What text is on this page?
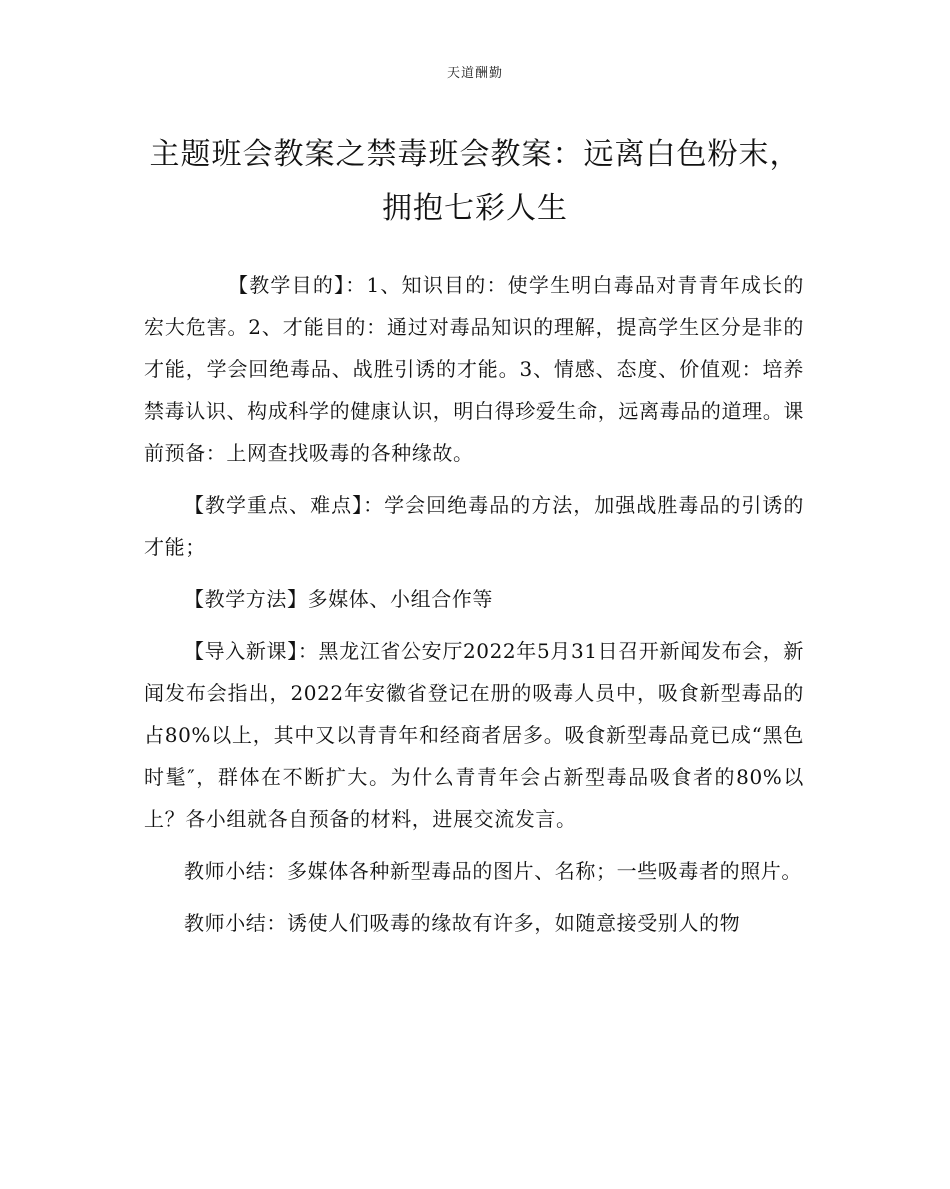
天道酬勤
主题班会教案之禁毒班会教案：远离白色粉末，拥抱七彩人生

【教学目的】：1、知识目的：使学生明白毒品对青青年成长的宏大危害。2、才能目的：通过对毒品知识的理解，提高学生区分是非的才能，学会回绝毒品、战胜引诱的才能。3、情感、态度、价值观：培养禁毒认识、构成科学的健康认识，明白得珍爱生命，远离毒品的道理。课前预备：上网查找吸毒的各种缘故。

【教学重点、难点】：学会回绝毒品的方法，加强战胜毒品的引诱的才能；

【教学方法】多媒体、小组合作等

【导入新课】：黑龙江省公安厅2022年5月31日召开新闻发布会，新闻发布会指出，2022年安徽省登记在册的吸毒人员中，吸食新型毒品的占80%以上，其中又以青青年和经商者居多。吸食新型毒品竟已成“黑色时髦″，群体在不断扩大。为什么青青年会占新型毒品吸食者的80%以上？各小组就各自预备的材料，进展交流发言。

教师小结：多媒体各种新型毒品的图片、名称；一些吸毒者的照片。

教师小结：诱使人们吸毒的缘故有许多，如随意接受别人的物
